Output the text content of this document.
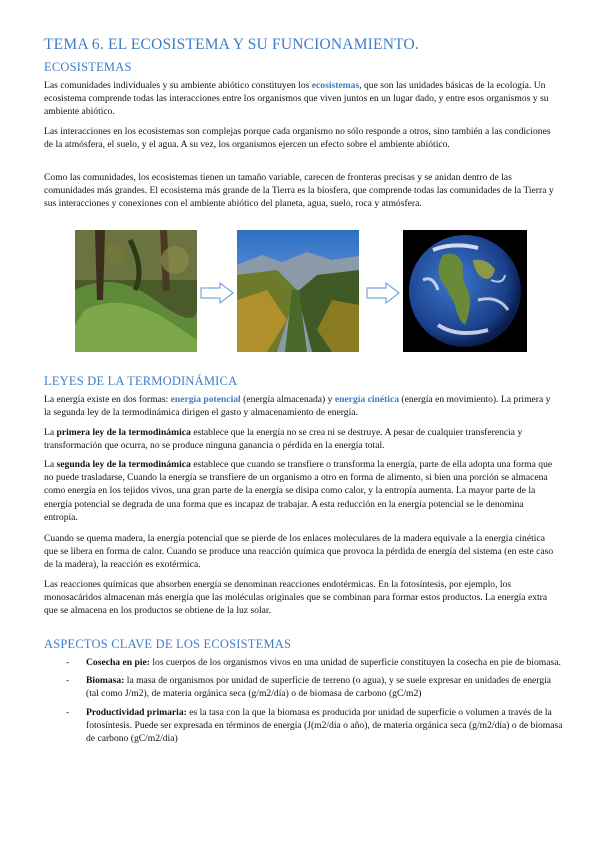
TEMA 6. EL ECOSISTEMA Y SU FUNCIONAMIENTO.
ECOSISTEMAS

Las comunidades individuales y su ambiente abiótico constituyen los ecosistemas, que son las unidades básicas de la ecología. Un ecosistema comprende todas las interacciones entre los organismos que viven juntos en un lugar dado, y entre esos organismos y su ambiente abiótico.

Las interacciones en los ecosistemas son complejas porque cada organismo no sólo responde a otros, sino también a las condiciones de la atmósfera, el suelo, y el agua. A su vez, los organismos ejercen un efecto sobre el ambiente abiótico.

Como las comunidades, los ecosistemas tienen un tamaño variable, carecen de fronteras precisas y se anidan dentro de las comunidades más grandes. El ecosistema más grande de la Tierra es la biosfera, que comprende todas las comunidades de la Tierra y sus interacciones y conexiones con el ambiente abiótico del planeta, agua, suelo, roca y atmósfera.

LEYES DE LA TERMODINÁMICA

La energía existe en dos formas: energía potencial (energía almacenada) y energía cinética (energía en movimiento). La primera y la segunda ley de la termodinámica dirigen el gasto y almacenamiento de energía.

La primera ley de la termodinámica establece que la energía no se crea ni se destruye. A pesar de cualquier transferencia y transformación que ocurra, no se produce ninguna ganancia o pérdida en la energía total.

La segunda ley de la termodinámica establece que cuando se transfiere o transforma la energía, parte de ella adopta una forma que no puede trasladarse, Cuando la energía se transfiere de un organismo a otro en forma de alimento, si bien una porción se almacena como energía en los tejidos vivos, una gran parte de la energía se disipa como calor, y la entropía aumenta. La mayor parte de la energía potencial se degrada de una forma que es incapaz de trabajar. A esta reducción en la energía potencial se le denomina entropía.

Cuando se quema madera, la energía potencial que se pierde de los enlaces moleculares de la madera equivale a la energía cinética que se libera en forma de calor. Cuando se produce una reacción química que provoca la pérdida de energía del sistema (en este caso de la madera), la reacción es exotérmica.

Las reacciones químicas que absorben energía se denominan reacciones endotérmicas. En la fotosíntesis, por ejemplo, los monosacáridos almacenan más energía que las moléculas originales que se combinan para formar estos productos. La energía extra que se almacena en los productos se obtiene de la luz solar.

ASPECTOS CLAVE DE LOS ECOSISTEMAS
- Cosecha en pie: los cuerpos de los organismos vivos en una unidad de superficie constituyen la cosecha en pie de biomasa.
- Biomasa: la masa de organismos por unidad de superficie de terreno (o agua), y se suele expresar en unidades de energía (tal como J/m2), de materia orgánica seca (g/m2/día) o de biomasa de carbono (gC/m2)
- Productividad primaria: es la tasa con la que la biomasa es producida por unidad de superficie o volumen a través de la fotosíntesis. Puede ser expresada en términos de energía (J(m2/día o año), de materia orgánica seca (g/m2/día) o de biomasa de carbono (gC/m2/día)
